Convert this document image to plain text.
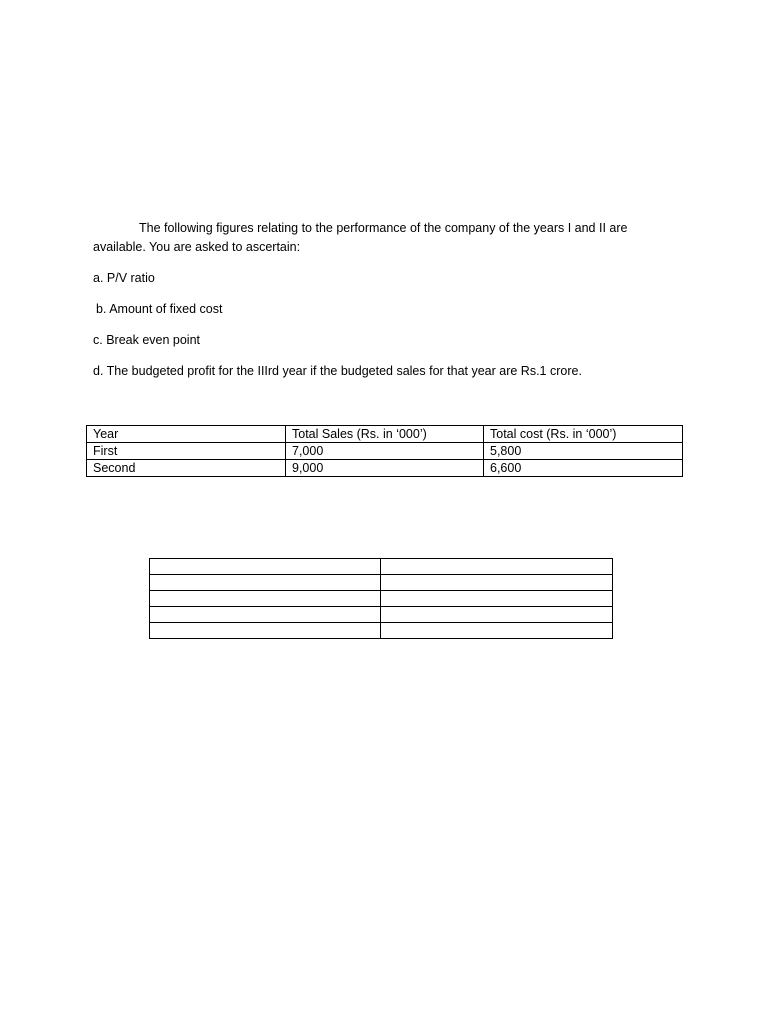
The following figures relating to the performance of the company of the years I and II are available. You are asked to ascertain:
a. P/V ratio
b. Amount of fixed cost
c. Break even point
d. The budgeted profit for the IIIrd year if the budgeted sales for that year are Rs.1 crore.
Year	Total Sales (Rs. in ‘000’)	Total cost (Rs. in ‘000’)
First	7,000	5,800
Second	9,000	6,600
